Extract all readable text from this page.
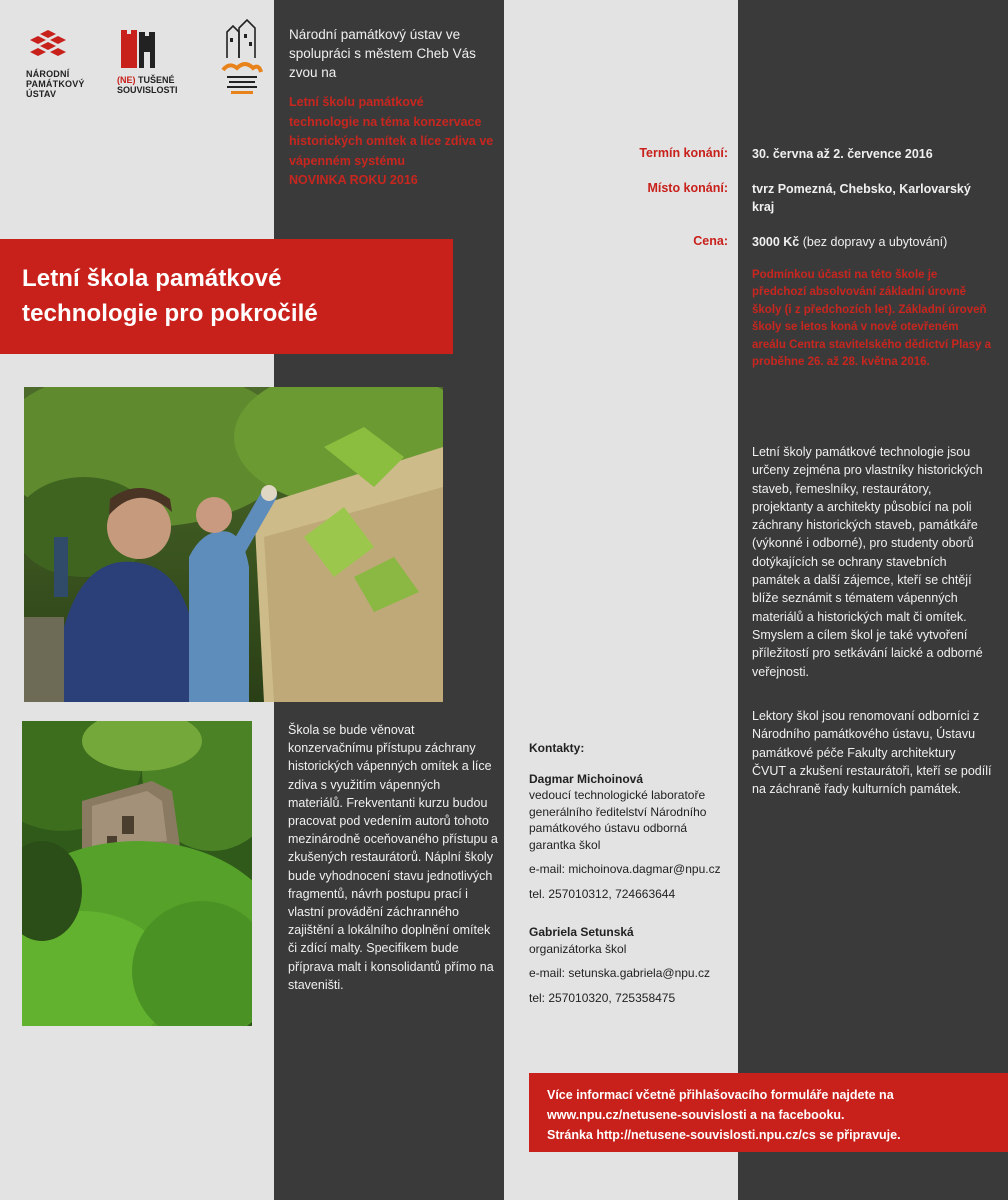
NÁRODNÍ
PAMÁTKOVÝ
ÚSTAV
(NE) TUŠENÉ
SOUVISLOSTI
Národní památkový ústav ve spolupráci s městem Cheb Vás zvou na
Letní školu památkové technologie na téma konzervace historických omítek a líce zdiva ve vápenném systému
NOVINKA ROKU 2016
Letní škola památkové
technologie pro pokročilé
Škola se bude věnovat konzervačnímu přístupu záchrany historických vápenných omítek a líce zdiva s využitím vápenných materiálů. Frekventanti kurzu budou pracovat pod vedením autorů tohoto mezinárodně oceňovaného přístupu a zkušených restaurátorů. Náplní školy bude vyhodnocení stavu jednotlivých fragmentů, návrh postupu prací i vlastní provádění záchranného zajištění a lokálního doplnění omítek či zdící malty. Specifikem bude příprava malt i konsolidantů přímo na staveništi.
Termín konání: 30. června až 2. července 2016
Místo konání: tvrz Pomezná, Chebsko, Karlovarský kraj
Cena: 3000 Kč (bez dopravy a ubytování)
Podmínkou účasti na této škole je předchozí absolvování základní úrovně školy (i z předchozích let). Základní úroveň školy se letos koná v nově otevřeném areálu Centra stavitelského dědictví Plasy a proběhne 26. až 28. května 2016.
Letní školy památkové technologie jsou určeny zejména pro vlastníky historických staveb, řemeslníky, restaurátory, projektanty a architekty působící na poli záchrany historických staveb, památkáře (výkonné i odborné), pro studenty oborů dotýkajících se ochrany stavebních památek a další zájemce, kteří se chtějí blíže seznámit s tématem vápenných materiálů a historických malt či omítek. Smyslem a cílem škol je také vytvoření příležitostí pro setkávání laické a odborné veřejnosti.
Lektory škol jsou renomovaní odborníci z Národního památkového ústavu, Ústavu památkové péče Fakulty architektury ČVUT a zkušení restaurátoři, kteří se podílí na záchraně řady kulturních památek.
Kontakty:
Dagmar Michoinová
vedoucí technologické laboratoře generálního ředitelství Národního památkového ústavu odborná garantka škol
e-mail: michoinova.dagmar@npu.cz
tel. 257010312, 724663644
Gabriela Setunská
organizátorka škol
e-mail: setunska.gabriela@npu.cz
tel: 257010320, 725358475
Více informací včetně přihlašovacího formuláře najdete na
www.npu.cz/netusene-souvislosti a na facebooku.
Stránka http://netusene-souvislosti.npu.cz/cs se připravuje.
